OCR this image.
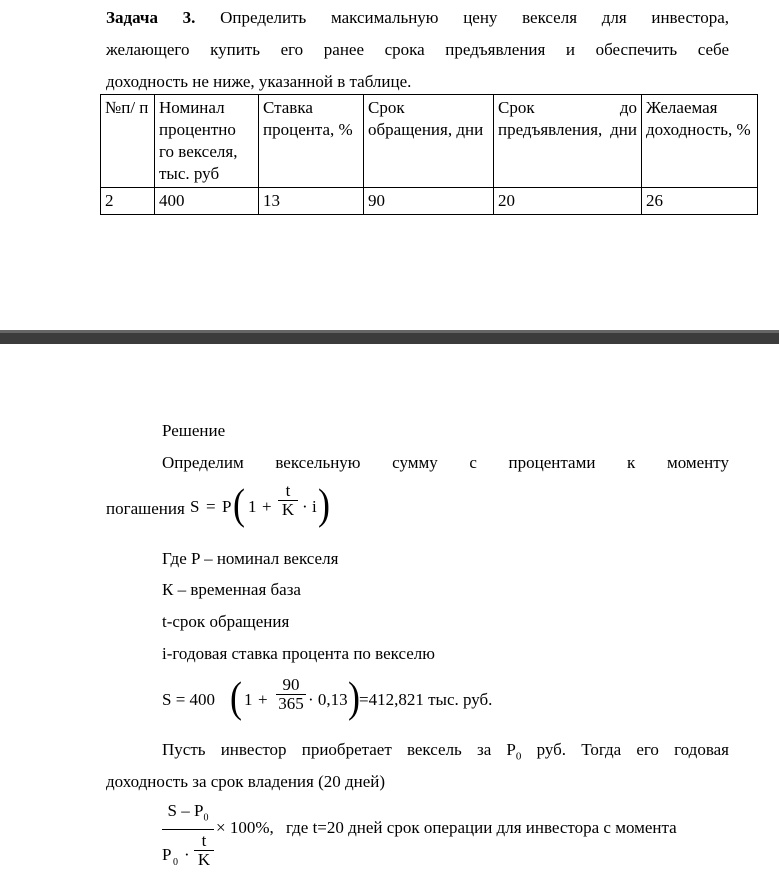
Задача 3. Определить максимальную цену векселя для инвестора,
желающего купить его ранее срока предъявления и обеспечить себе
доходность не ниже, указанной в таблице.
№п/ п	Номинал процентно го векселя, тыс. руб	Ставка процента, %	Срок обращения, дни	Срок до предъявления, дни	Желаемая доходность, %
2	400	13	90	20	26
Решение
Определим вексельную сумму с процентами к моменту
погашения S = P ( $1 + \frac{t}{K} \cdot i$ )
Где P – номинал векселя
К – временная база
t-срок обращения
i-годовая ставка процента по векселю
S = 400 ( $1 + \frac{90}{365} \cdot 0,13$ ) =412,821 тыс. руб.
Пусть инвестор приобретает вексель за $P_0$ руб. Тогда его годовая
доходность за срок владения (20 дней)
$\frac{S - P_0}{P 0 \cdot \frac{t}{K}} \times 100\%$, где t=20 дней срок операции для инвестора с момента
